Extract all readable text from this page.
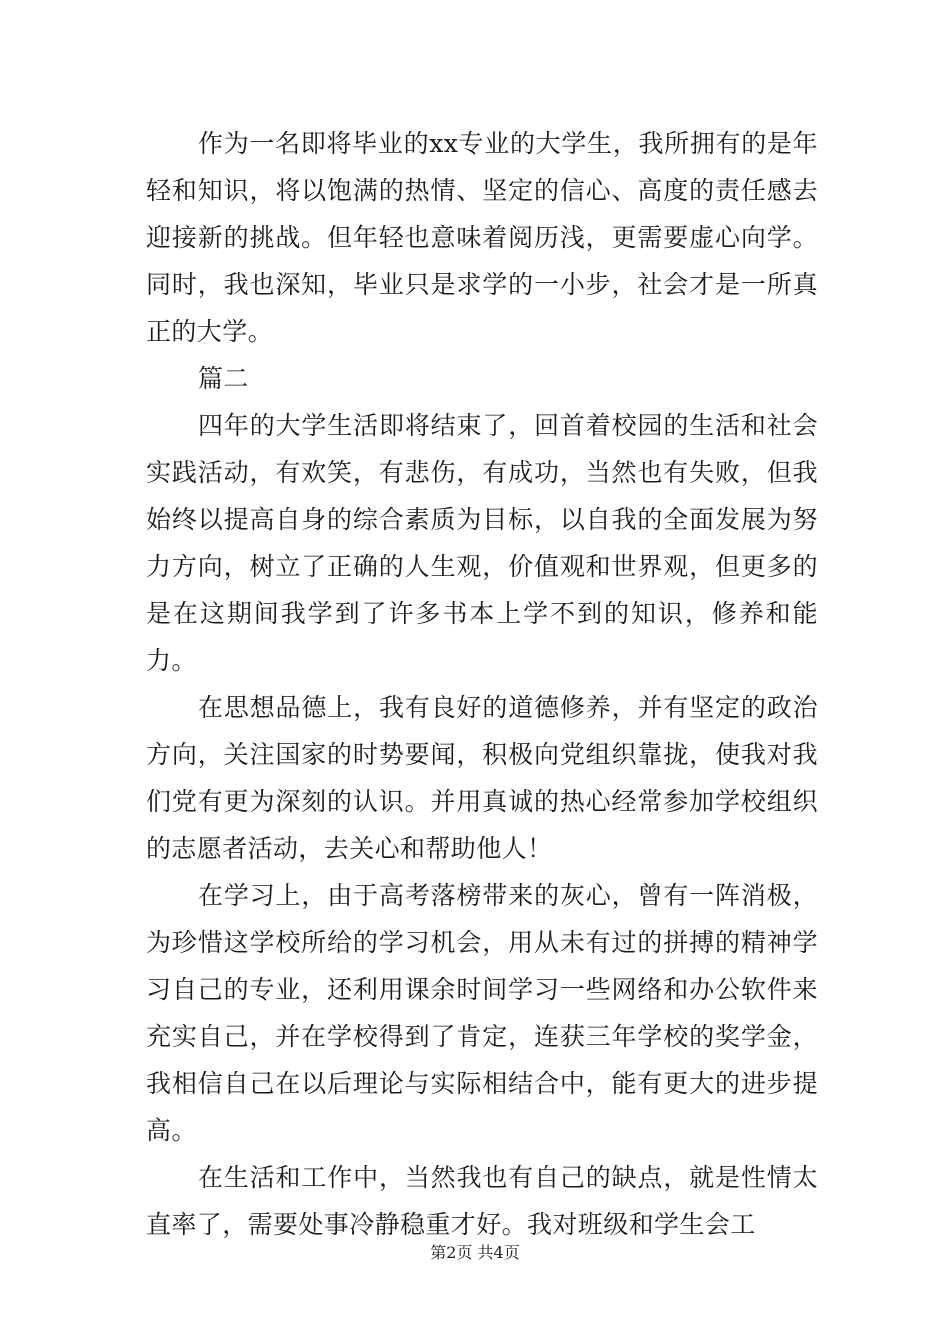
作为一名即将毕业的xx专业的大学生，我所拥有的是年轻和知识，将以饱满的热情、坚定的信心、高度的责任感去迎接新的挑战。但年轻也意味着阅历浅，更需要虚心向学。同时，我也深知，毕业只是求学的一小步，社会才是一所真正的大学。

篇二

四年的大学生活即将结束了，回首着校园的生活和社会实践活动，有欢笑，有悲伤，有成功，当然也有失败，但我始终以提高自身的综合素质为目标，以自我的全面发展为努力方向，树立了正确的人生观，价值观和世界观，但更多的是在这期间我学到了许多书本上学不到的知识，修养和能力。

在思想品德上，我有良好的道德修养，并有坚定的政治方向，关注国家的时势要闻，积极向党组织靠拢，使我对我们党有更为深刻的认识。并用真诚的热心经常参加学校组织的志愿者活动，去关心和帮助他人！

在学习上，由于高考落榜带来的灰心，曾有一阵消极，为珍惜这学校所给的学习机会，用从未有过的拼搏的精神学习自己的专业，还利用课余时间学习一些网络和办公软件来充实自己，并在学校得到了肯定，连获三年学校的奖学金，我相信自己在以后理论与实际相结合中，能有更大的进步提高。

在生活和工作中，当然我也有自己的缺点，就是性情太直率了，需要处事冷静稳重才好。我对班级和学生会工

第2页 共4页
